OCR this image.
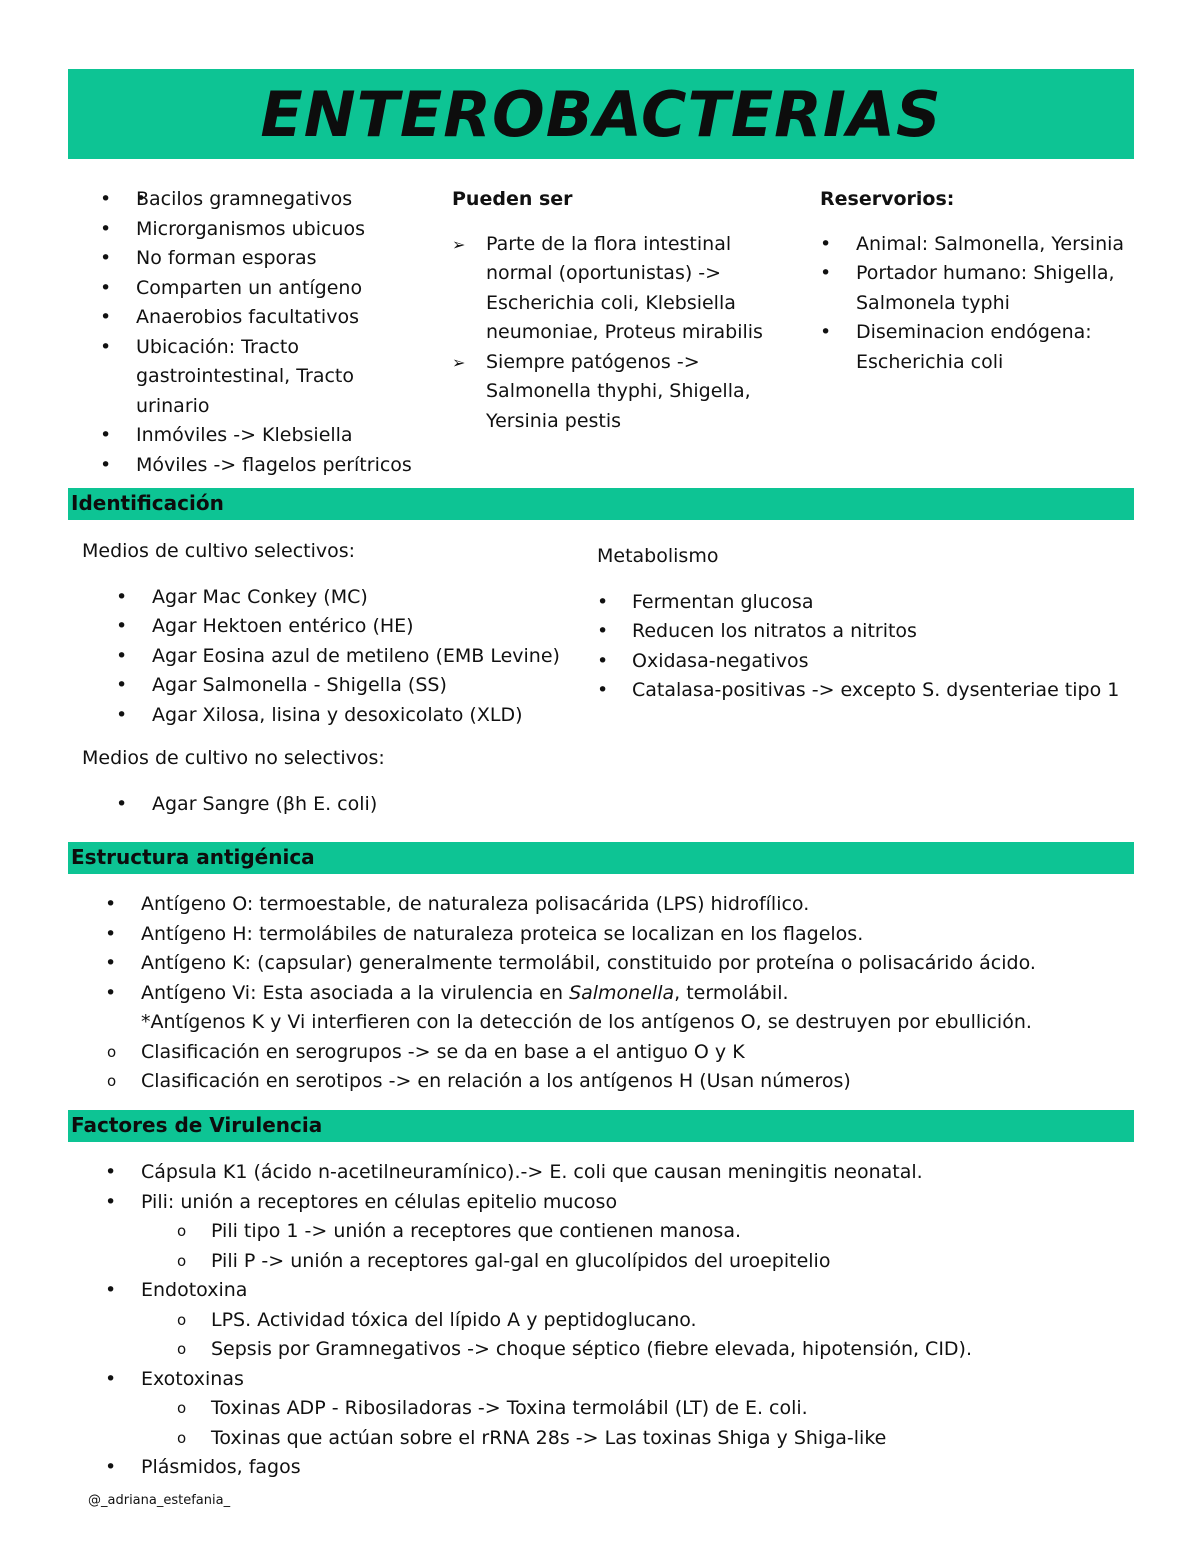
ENTEROBACTERIAS
• • Bacilos gramnegativos
• Microrganismos ubicuos
• No forman esporas
• Comparten un antígeno
• Anaerobios facultativos
• Ubicación: Tracto gastrointestinal, Tracto urinario
• Inmóviles -> Klebsiella
• Móviles -> flagelos perítricos
Pueden ser
➢ Parte de la flora intestinal normal (oportunistas) -> Escherichia coli, Klebsiella neumoniae, Proteus mirabilis
➢ Siempre patógenos -> Salmonella thyphi, Shigella, Yersinia pestis
Reservorios:
• Animal: Salmonella, Yersinia
• Portador humano: Shigella, Salmonela typhi
• Diseminacion endógena: Escherichia coli
Identificación
Medios de cultivo selectivos:
• Agar Mac Conkey (MC)
• Agar Hektoen entérico (HE)
• Agar Eosina azul de metileno (EMB Levine)
• Agar Salmonella - Shigella (SS)
• Agar Xilosa, lisina y desoxicolato (XLD)
Medios de cultivo no selectivos:
• Agar Sangre (βh E. coli)
Metabolismo
• Fermentan glucosa
• Reducen los nitratos a nitritos
• Oxidasa-negativos
• Catalasa-positivas -> excepto S. dysenteriae tipo 1
Estructura antigénica
• Antígeno O: termoestable, de naturaleza polisacárida (LPS) hidrofílico.
• Antígeno H: termolábiles de naturaleza proteica se localizan en los flagelos.
• Antígeno K: (capsular) generalmente termolábil, constituido por proteína o polisacárido ácido.
• Antígeno Vi: Esta asociada a la virulencia en Salmonella, termolábil.
*Antígenos K y Vi interfieren con la detección de los antígenos O, se destruyen por ebullición.
o Clasificación en serogrupos -> se da en base a el antiguo O y K
o Clasificación en serotipos -> en relación a los antígenos H (Usan números)
Factores de Virulencia
• Cápsula K1 (ácido n-acetilneuramínico).-> E. coli que causan meningitis neonatal.
• Pili: unión a receptores en células epitelio mucoso
o Pili tipo 1 -> unión a receptores que contienen manosa.
o Pili P -> unión a receptores gal-gal en glucolípidos del uroepitelio
• Endotoxina
o LPS. Actividad tóxica del lípido A y peptidoglucano.
o Sepsis por Gramnegativos -> choque séptico (fiebre elevada, hipotensión, CID).
• Exotoxinas
o Toxinas ADP - Ribosiladoras -> Toxina termolábil (LT) de E. coli.
o Toxinas que actúan sobre el rRNA 28s -> Las toxinas Shiga y Shiga-like
• Plásmidos, fagos
@_adriana_estefania_
